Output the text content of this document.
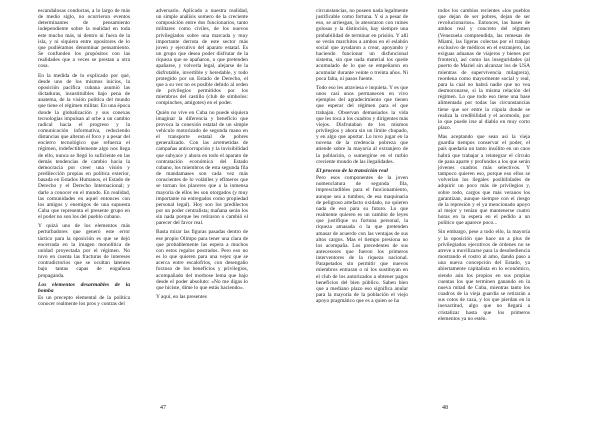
escandalosas conductas, a lo largo de más de medio siglo, no ocurrieron eventos determinantes de pensamiento independiente sobre la realidad en toda este mucho más, ni dentro ni fuera de la isla, y ni siquiera entre opositores de lo que pudiéramos denominar pensamiento. Se confunden los propósitos con las realidades que a veces se prestan a otra cosa.

En la medida de lo explicado por qué, desde uno de los mismos inicios, la oposición pacífica cubana asumió las dictaduras, insustituibles bajo pena de anatema, de la visión política del mundo que tiene el régimen militar. En una época donde la globalización y sus conexas tecnologías impulsan al orbe a un cambio radical hacia el progreso y la comunicación informativa, reduciendo distancias que alteran el foco y a pesar del encierro tecnológico que refuerza el régimen, indefectiblemente algo nos llega de ello, nunca se llegó lo suficiente en las demás tendencias de cambio hacia la democracia por creer una visión y predilección propias en política exterior, basada en Estados Humanos, el Estado de Derecho y el Derecho Internacional; y darle a conocer en el mundo. En realidad, las comunidades en aquel entonces con los amigos y enemigos de una supuesta Cuba que representa el presente grupo en el poder no son los del pueblo cubano.

Y quizá uno de los elementos más perturbadores que generó este error táctico para la oposición es que se dejó encerrada en la imagen monolítica de unidad proyectada por el régimen. No tuvo en cuenta las fracturas de intereses contradictorios que se ocultan latentes bajo tantas capas de engañosa propaganda.

Los elementos desarmables de la bomba

Es un precepto elemental de la política conocer realmente los pros y contras del

adversario. Aplicado a nuestra realidad, un simple análisis somero de la creciente composición entre dos funcionarios, tanto militares como civiles, de los nuevos privilegiados sobre una marcada y muy importante derrota de este sector más joven y ejecutivo del aparato estatal. Es un grupo que desea poder disfrutar de la riqueza que se apañaron, o que pretenden apañarse, y volverla legal, alejarse de la disfrutable, invertible y heredable, y todo protegido por un Estado de Derecho, el que a su vez no es posible debido al orden de privilegios permitidos por los miembros del castillo (club de símbolos: compinches, amigotes) en el poder.

Quién no vive en Cuba no puede siquiera imaginar la diferencia y beneficio que provoca la conexión estatal de un simple vehículo motorizado de segunda mano en el transporte estatal de pobres generalizado. Con las arremetidas de campañas anticorrupción y la invisibilidad que subyace y ahora en todo el aparato de contratación económica del Estado cubano, los miembros de esta segunda fila de mandamases son cada vez más conscientes de lo volátiles y efímeros que se tornan los placeres que a la inmensa mayoría de ellos les son otorgados (y muy importante no entregados como propiedad personal legal). Hoy son los predilectos por un poder centralista; mañana serán los sin nada porque les retiraron o cambió el parecer del favor real.

Basta mirar las figuras pasadas dentro de ese propio Olimpo para tener una clara de que probablemente las espera a muchos con estos regalos postrados. Pero eso no es lo que quieren para una vejez que se acerca entre escalofríos, con desengaño forzoso de los beneficios y privilegios, acompañado del morbose lema que bajo desde el poder absoluto: «No me digas lo que hiciste, dime lo que estás haciendo».

Y aquí, en las presentes

47

circunstancias, no poseen nada legalmente justificable como fortuna. Y si a pesar de eso, se arriesgan, lo atesoraron con ruines golosas y la distinción, hay siempre una probabilidad de terminar en prisión. Y allí se verán marchitos a ambos en el eslabón social que ayudaron a crear, apoyando y haciendo funcionar un disfuncional sistema, sin que nada material los quede acumulado de lo que se empeñaron en acumular durante veinte o treinta años. Ni poca falta, ni pasos fuente.

Todo eso les atraviesa e inquieta. Y es que unos casi unos permanecen en vivo ejemplos del agradecimiento que tienen que esperar del régimen para el que trabajan. Observan demasiados la vida que les toca a los cuadros y dirigentes más viejos. Disfrutaban de los mismos privilegios y ahora sin un límite chupado, y en algo que aportar. Lo tuvo jugar en la novena de la credencia pobreza que atiende sobre la mayoría al extranjero de la población, o sumergirse en el turbio creciente mundo de las ilegalidades.

El proceso de la transición real

Pero esos componentes de la joven nomenclatura de segunda fila, imprescindibles para el funcionamiento, aunque sea a tumbos, de esa maquinaria de peligroso artefacto oxidado, no quieren nada de eso para su futuro. Lo que realmente quieren es un cambio de leyes que justifique su fortuna personal, la riqueza amasada o la que pretenden amasar de acuerdo con las ventajas de sus altos cargos. Mas el tiempo presiona no los acompaña. Los precedentes de sus antecesores que fueron los primeros interventores de la riqueza nacional. Parapetados sin permitir que nuevos miembros entraran o ni los sustituyan en el club de los autorizados a obtener pagos beneficios del bien público. Saben bien que a mediano plazo eso significa anular para la mayoría de la población el viejo apoyo pragmático que es a quien se ha

todos los cambios recientes «los pueblos que dejan de ser pobres, dejan de ser revolucionarios». Entonces, las bases de ambos real y concreto del régimen (Venezuela comprendida, las remesas de Miami, las ligeras colectas por el trabajo exclusivo de médicos en el extranjero, las exiguas aduanas de viajeros y bienes por frontera), así como las inseguridades (al puerto de Mariel sin alcanzar los de USA mientras de supervivencia milagrera), reordena como mayormente social y real, para la cual no habrá nadie que no vea desmoronarse, si la misma relación del régimen. Lo que todo eso tiene una base alimentada por todas las circunstancias tiene que ser entre la cúpula donde se realiza la credibilidad y el acomodo, por lo que puede irse al diablo en muy corto plazo.

Mas aceptando que sean así la vieja guardia tiempos conservar el poder, el país quedaría un tanto insólito en un caos habrá que trabajar a reintegrar el círculo de pana aparte y profundos a los que serán jóvenes cuadros más selectivos. Y tampoco quieren eso, porque eso ellos se volverían los ilegales posibilidades de adquirir un poco más de privilegios y, sobre todo, cargos que más veranos los garantizan, aunque siempre con el riesgo de la represión y el ya mencionado apoyo al mejor y tenían que mantenerse cuatro horas en la espera en el pedido a un político que aparece poco...

Sin embargo, pese a todo ello, la mayoría y la oposición que hace un a plus de privilegiados ejecutivos de órdenes no se atreve a movilizarse para la desobediencia mostrando el rostro al amo, dando paso a una nueva concepción del Estado, ya abiertamente capitalista en lo económico, siendo aún los propios en sus propias cuentas los que terminen ganando en la nueva mitad de Cuba, mientras tanto los cuadros de la vieja guardia se retirarán a sus cotos de caza, y los que pierdan en la inexactitud, algo que no llegará a cristalizar hasta que los primeros elementos ya no estén.

48
